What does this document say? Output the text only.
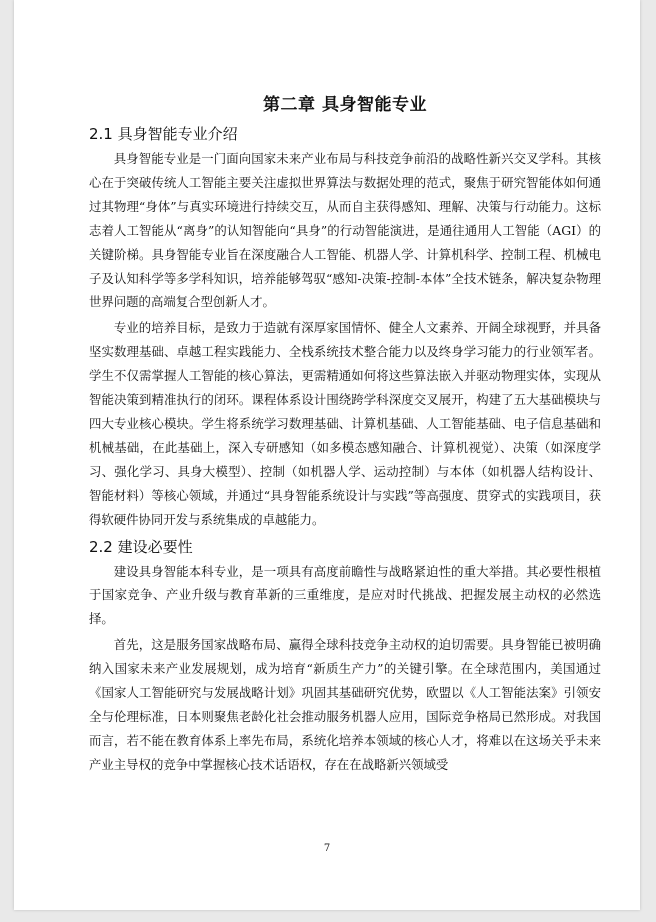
第二章 具身智能专业
2.1 具身智能专业介绍

具身智能专业是一门面向国家未来产业布局与科技竞争前沿的战略性新兴交叉学科。其核心在于突破传统人工智能主要关注虚拟世界算法与数据处理的范式，聚焦于研究智能体如何通过其物理“身体”与真实环境进行持续交互，从而自主获得感知、理解、决策与行动能力。这标志着人工智能从“离身”的认知智能向“具身”的行动智能演进，是通往通用人工智能（AGI）的关键阶梯。具身智能专业旨在深度融合人工智能、机器人学、计算机科学、控制工程、机械电子及认知科学等多学科知识，培养能够驾驭“感知-决策-控制-本体”全技术链条，解决复杂物理世界问题的高端复合型创新人才。

专业的培养目标，是致力于造就有深厚家国情怀、健全人文素养、开阔全球视野，并具备坚实数理基础、卓越工程实践能力、全栈系统技术整合能力以及终身学习能力的行业领军者。学生不仅需掌握人工智能的核心算法，更需精通如何将这些算法嵌入并驱动物理实体，实现从智能决策到精准执行的闭环。课程体系设计围绕跨学科深度交叉展开，构建了五大基础模块与四大专业核心模块。学生将系统学习数理基础、计算机基础、人工智能基础、电子信息基础和机械基础，在此基础上，深入专研感知（如多模态感知融合、计算机视觉）、决策（如深度学习、强化学习、具身大模型）、控制（如机器人学、运动控制）与本体（如机器人结构设计、智能材料）等核心领域，并通过“具身智能系统设计与实践”等高强度、贯穿式的实践项目，获得软硬件协同开发与系统集成的卓越能力。

2.2 建设必要性

建设具身智能本科专业，是一项具有高度前瞻性与战略紧迫性的重大举措。其必要性根植于国家竞争、产业升级与教育革新的三重维度，是应对时代挑战、把握发展主动权的必然选择。

首先，这是服务国家战略布局、赢得全球科技竞争主动权的迫切需要。具身智能已被明确纳入国家未来产业发展规划，成为培育“新质生产力”的关键引擎。在全球范围内，美国通过《国家人工智能研究与发展战略计划》巩固其基础研究优势，欧盟以《人工智能法案》引领安全与伦理标准，日本则聚焦老龄化社会推动服务机器人应用，国际竞争格局已然形成。对我国而言，若不能在教育体系上率先布局，系统化培养本领域的核心人才，将难以在这场关乎未来产业主导权的竞争中掌握核心技术话语权，存在在战略新兴领域受

7
